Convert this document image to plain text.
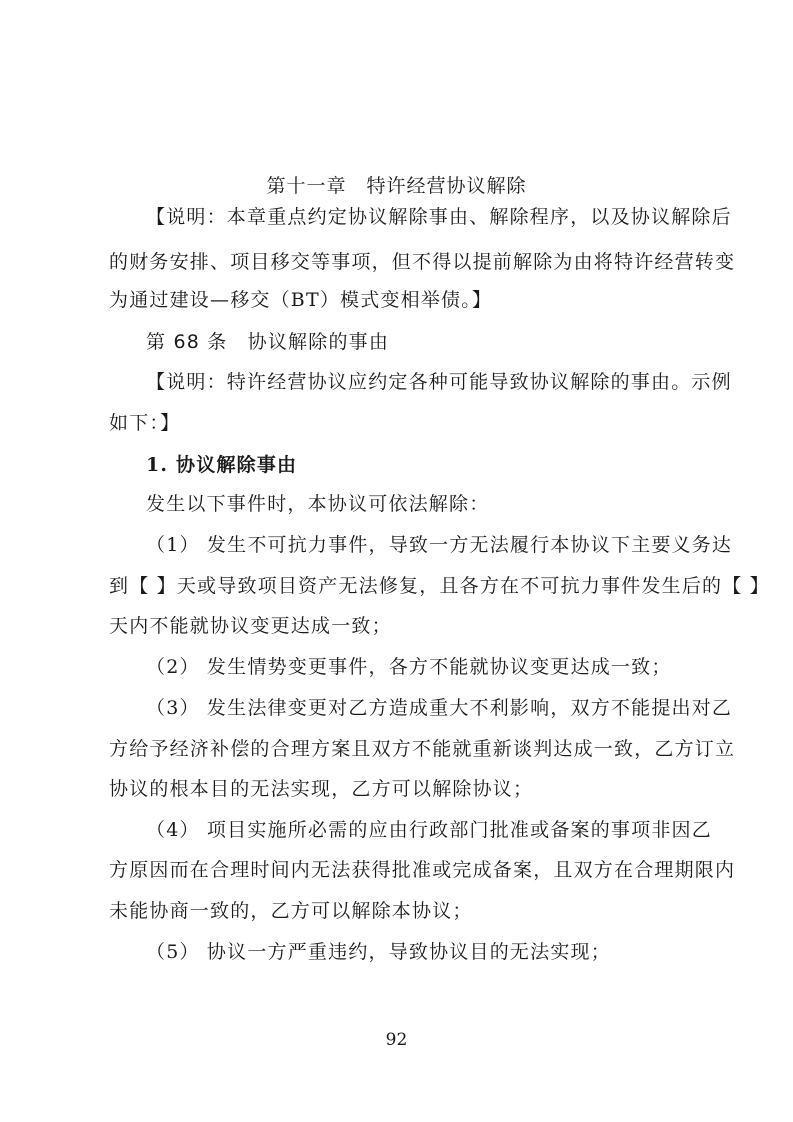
第十一章　特许经营协议解除
【说明：本章重点约定协议解除事由、解除程序，以及协议解除后
的财务安排、项目移交等事项，但不得以提前解除为由将特许经营转变
为通过建设—移交（BT）模式变相举债。】
第 68 条　协议解除的事由
【说明：特许经营协议应约定各种可能导致协议解除的事由。示例
如下：】
1. 协议解除事由
发生以下事件时，本协议可依法解除：
（1） 发生不可抗力事件，导致一方无法履行本协议下主要义务达
到【 】天或导致项目资产无法修复，且各方在不可抗力事件发生后的【 】
天内不能就协议变更达成一致；
（2） 发生情势变更事件，各方不能就协议变更达成一致；
（3） 发生法律变更对乙方造成重大不利影响，双方不能提出对乙
方给予经济补偿的合理方案且双方不能就重新谈判达成一致，乙方订立
协议的根本目的无法实现，乙方可以解除协议；
（4） 项目实施所必需的应由行政部门批准或备案的事项非因乙
方原因而在合理时间内无法获得批准或完成备案，且双方在合理期限内
未能协商一致的，乙方可以解除本协议；
（5） 协议一方严重违约，导致协议目的无法实现；
92
